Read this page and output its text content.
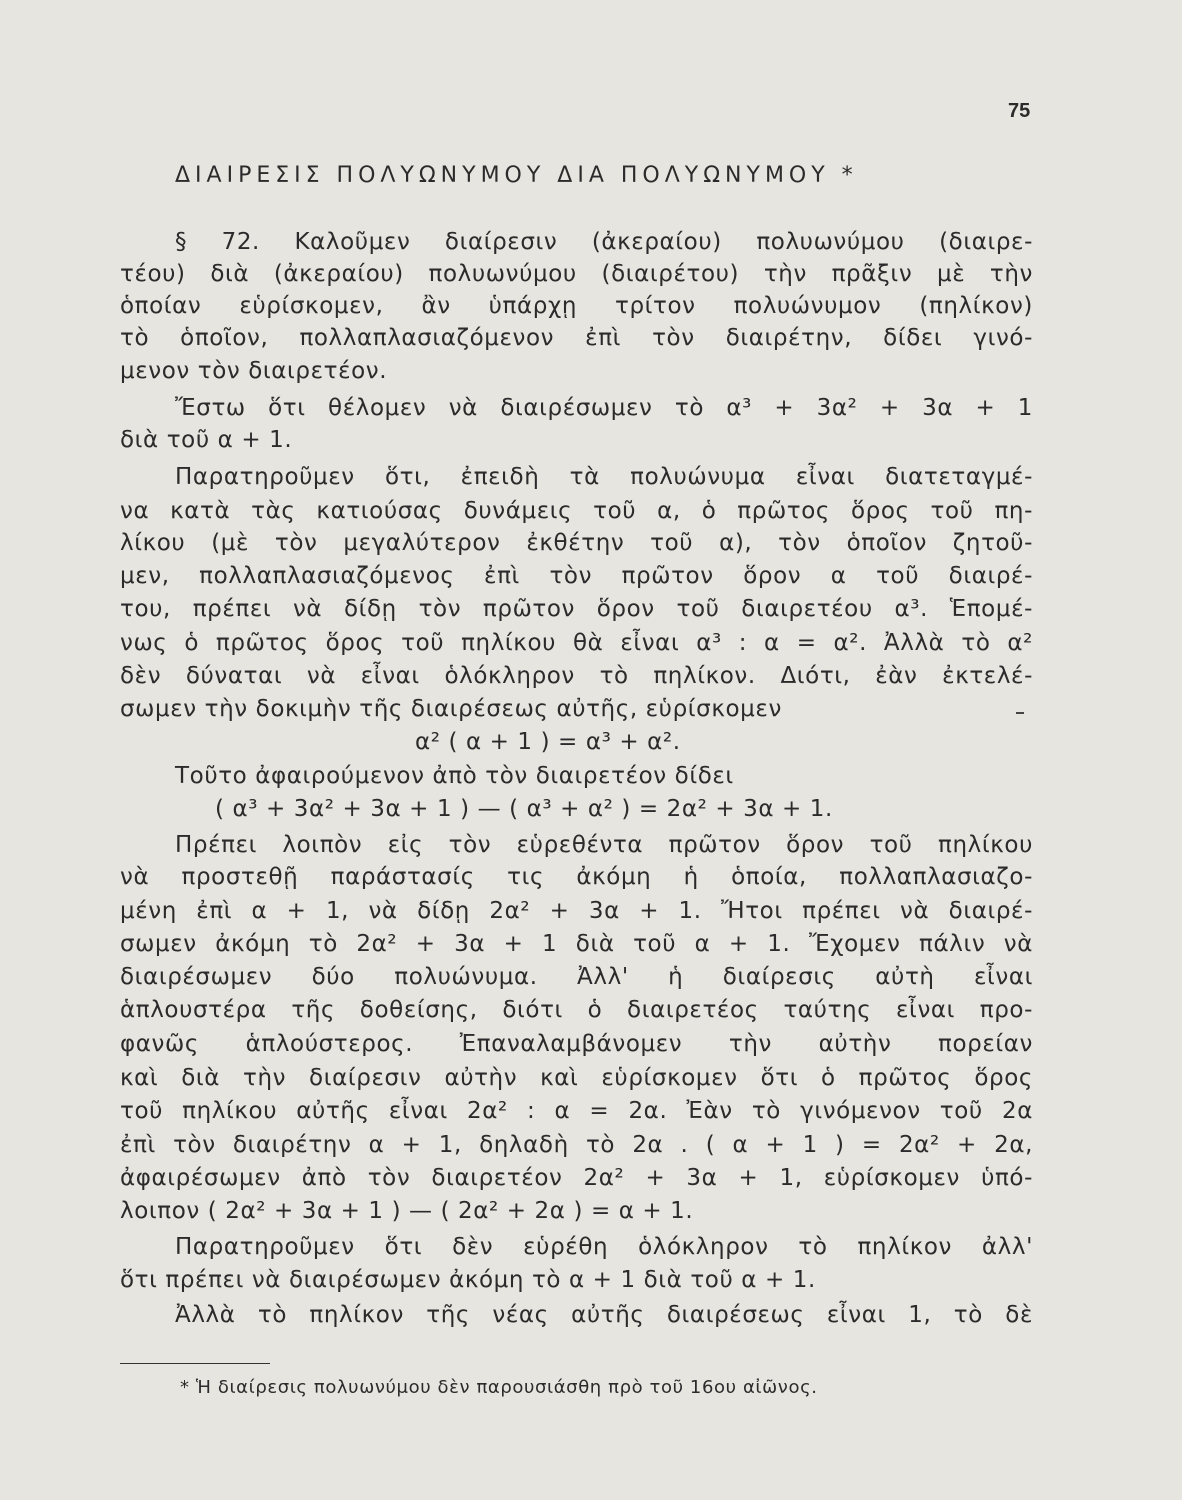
75
ΔΙΑΙΡΕΣΙΣ ΠΟΛΥΩΝΥΜΟΥ ΔΙΑ ΠΟΛΥΩΝΥΜΟΥ *
§ 72. Καλοῦμεν διαίρεσιν (ἀκεραίου) πολυωνύμου (διαιρε-
τέου) διὰ (ἀκεραίου) πολυωνύμου (διαιρέτου) τὴν πρᾶξιν μὲ τὴν
ὁποίαν εὑρίσκομεν, ἂν ὑπάρχῃ τρίτον πολυώνυμον (πηλίκον)
τὸ ὁποῖον, πολλαπλασιαζόμενον ἐπὶ τὸν διαιρέτην, δίδει γινό-
μενον τὸν διαιρετέον.
Ἔστω ὅτι θέλομεν νὰ διαιρέσωμεν τὸ α³ + 3α² + 3α + 1
διὰ τοῦ α + 1.
Παρατηροῦμεν ὅτι, ἐπειδὴ τὰ πολυώνυμα εἶναι διατεταγμέ-
να κατὰ τὰς κατιούσας δυνάμεις τοῦ α, ὁ πρῶτος ὅρος τοῦ πη-
λίκου (μὲ τὸν μεγαλύτερον ἐκθέτην τοῦ α), τὸν ὁποῖον ζητοῦ-
μεν, πολλαπλασιαζόμενος ἐπὶ τὸν πρῶτον ὅρον α τοῦ διαιρέ-
του, πρέπει νὰ δίδῃ τὸν πρῶτον ὅρον τοῦ διαιρετέου α³. Ἑπομέ-
νως ὁ πρῶτος ὅρος τοῦ πηλίκου θὰ εἶναι α³ : α = α². Ἀλλὰ τὸ α²
δὲν δύναται νὰ εἶναι ὁλόκληρον τὸ πηλίκον. Διότι, ἐὰν ἐκτελέ-
σωμεν τὴν δοκιμὴν τῆς διαιρέσεως αὐτῆς, εὑρίσκομεν
α² ( α + 1 ) = α³ + α².
Τοῦτο ἀφαιρούμενον ἀπὸ τὸν διαιρετέον δίδει
( α³ + 3α² + 3α + 1 ) — ( α³ + α² ) = 2α² + 3α + 1.
Πρέπει λοιπὸν εἰς τὸν εὑρεθέντα πρῶτον ὅρον τοῦ πηλίκου
νὰ προστεθῇ παράστασίς τις ἀκόμη ἡ ὁποία, πολλαπλασιαζο-
μένη ἐπὶ α + 1, νὰ δίδῃ 2α² + 3α + 1. Ἤτοι πρέπει νὰ διαιρέ-
σωμεν ἀκόμη τὸ 2α² + 3α + 1 διὰ τοῦ α + 1. Ἔχομεν πάλιν νὰ
διαιρέσωμεν δύο πολυώνυμα. Ἀλλ' ἡ διαίρεσις αὐτὴ εἶναι
ἁπλουστέρα τῆς δοθείσης, διότι ὁ διαιρετέος ταύτης εἶναι προ-
φανῶς ἁπλούστερος. Ἐπαναλαμβάνομεν τὴν αὐτὴν πορείαν
καὶ διὰ τὴν διαίρεσιν αὐτὴν καὶ εὑρίσκομεν ὅτι ὁ πρῶτος ὅρος
τοῦ πηλίκου αὐτῆς εἶναι 2α² : α = 2α. Ἐὰν τὸ γινόμενον τοῦ 2α
ἐπὶ τὸν διαιρέτην α + 1, δηλαδὴ τὸ 2α . ( α + 1 ) = 2α² + 2α,
ἀφαιρέσωμεν ἀπὸ τὸν διαιρετέον 2α² + 3α + 1, εὑρίσκομεν ὑπό-
λοιπον ( 2α² + 3α + 1 ) — ( 2α² + 2α ) = α + 1.
Παρατηροῦμεν ὅτι δὲν εὑρέθη ὁλόκληρον τὸ πηλίκον ἀλλ'
ὅτι πρέπει νὰ διαιρέσωμεν ἀκόμη τὸ α + 1 διὰ τοῦ α + 1.
Ἀλλὰ τὸ πηλίκον τῆς νέας αὐτῆς διαιρέσεως εἶναι 1, τὸ δὲ
* Ἡ διαίρεσις πολυωνύμου δὲν παρουσιάσθη πρὸ τοῦ 16ου αἰῶνος.
